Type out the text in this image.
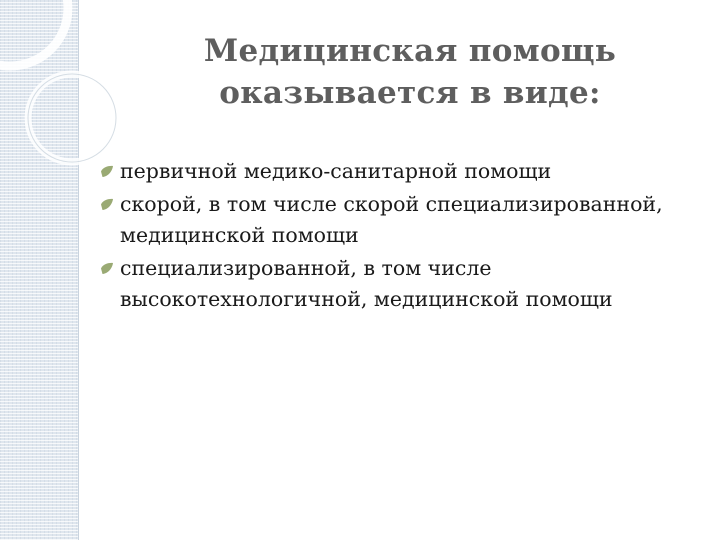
Медицинская помощь оказывается в виде:
первичной медико-санитарной помощи
скорой, в том числе скорой специализированной, медицинской помощи
специализированной, в том числе высокотехнологичной, медицинской помощи
